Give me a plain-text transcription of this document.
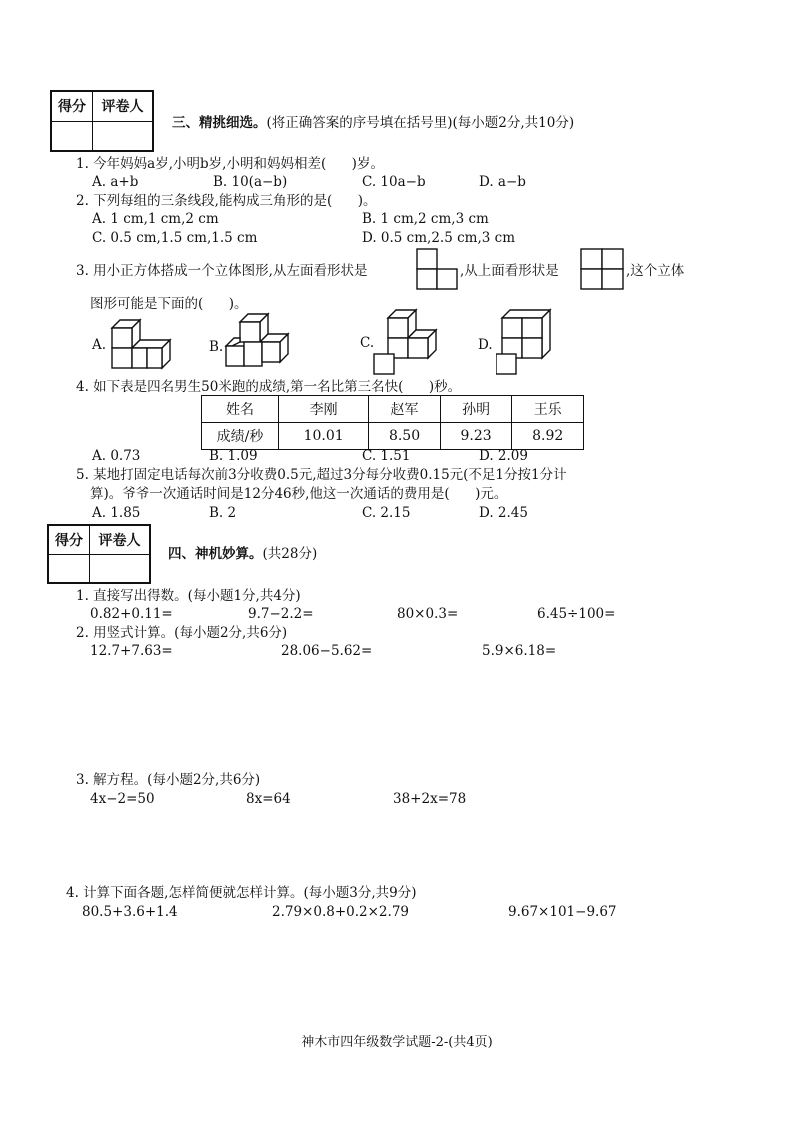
得分	评卷人

三、精挑细选。(将正确答案的序号填在括号里)(每小题2分,共10分)
1. 今年妈妈a岁,小明b岁,小明和妈妈相差 ( )	岁。
A. a+b	B. 10(a−b)	C. 10a−b	D. a−b
2. 下列每组的三条线段,能构成三角形的是 ( )	。
A. 1 cm,1 cm,2 cm	B. 1 cm,2 cm,3 cm
C. 0.5 cm,1.5 cm,1.5 cm	D. 0.5 cm,2.5 cm,3 cm
3. 用小正方体搭成一个立体图形,从左面看形状是	,从上面看形状是	,这个立体
图形可能是下面的 ( )	。
A.	B.	C.	D.
4. 如下表是四名男生50米跑的成绩,第一名比第三名快 ( )	秒。
姓名	李刚	赵军	孙明	王乐
成绩/秒	10.01	8.50	9.23	8.92
A. 0.73	B. 1.09	C. 1.51	D. 2.09
5. 某地打固定电话每次前3分收费0.5元,超过3分每分收费0.15元(不足1分按1分计
算)。爷爷一次通话时间是12分46秒,他这一次通话的费用是 ( )	元。
A. 1.85	B. 2	C. 2.15	D. 2.45
得分	评卷人

四、神机妙算。(共28分)
1. 直接写出得数。(每小题1分,共4分)
0.82+0.11=	9.7−2.2=	80×0.3=	6.45÷100=
2. 用竖式计算。(每小题2分,共6分)
12.7+7.63=	28.06−5.62=	5.9×6.18=
3. 解方程。(每小题2分,共6分)
4x−2=50	8x=64	38+2x=78
4. 计算下面各题,怎样简便就怎样计算。(每小题3分,共9分)
80.5+3.6+1.4	2.79×0.8+0.2×2.79	9.67×101−9.67
神木市四年级数学试题-2-(共4页)
